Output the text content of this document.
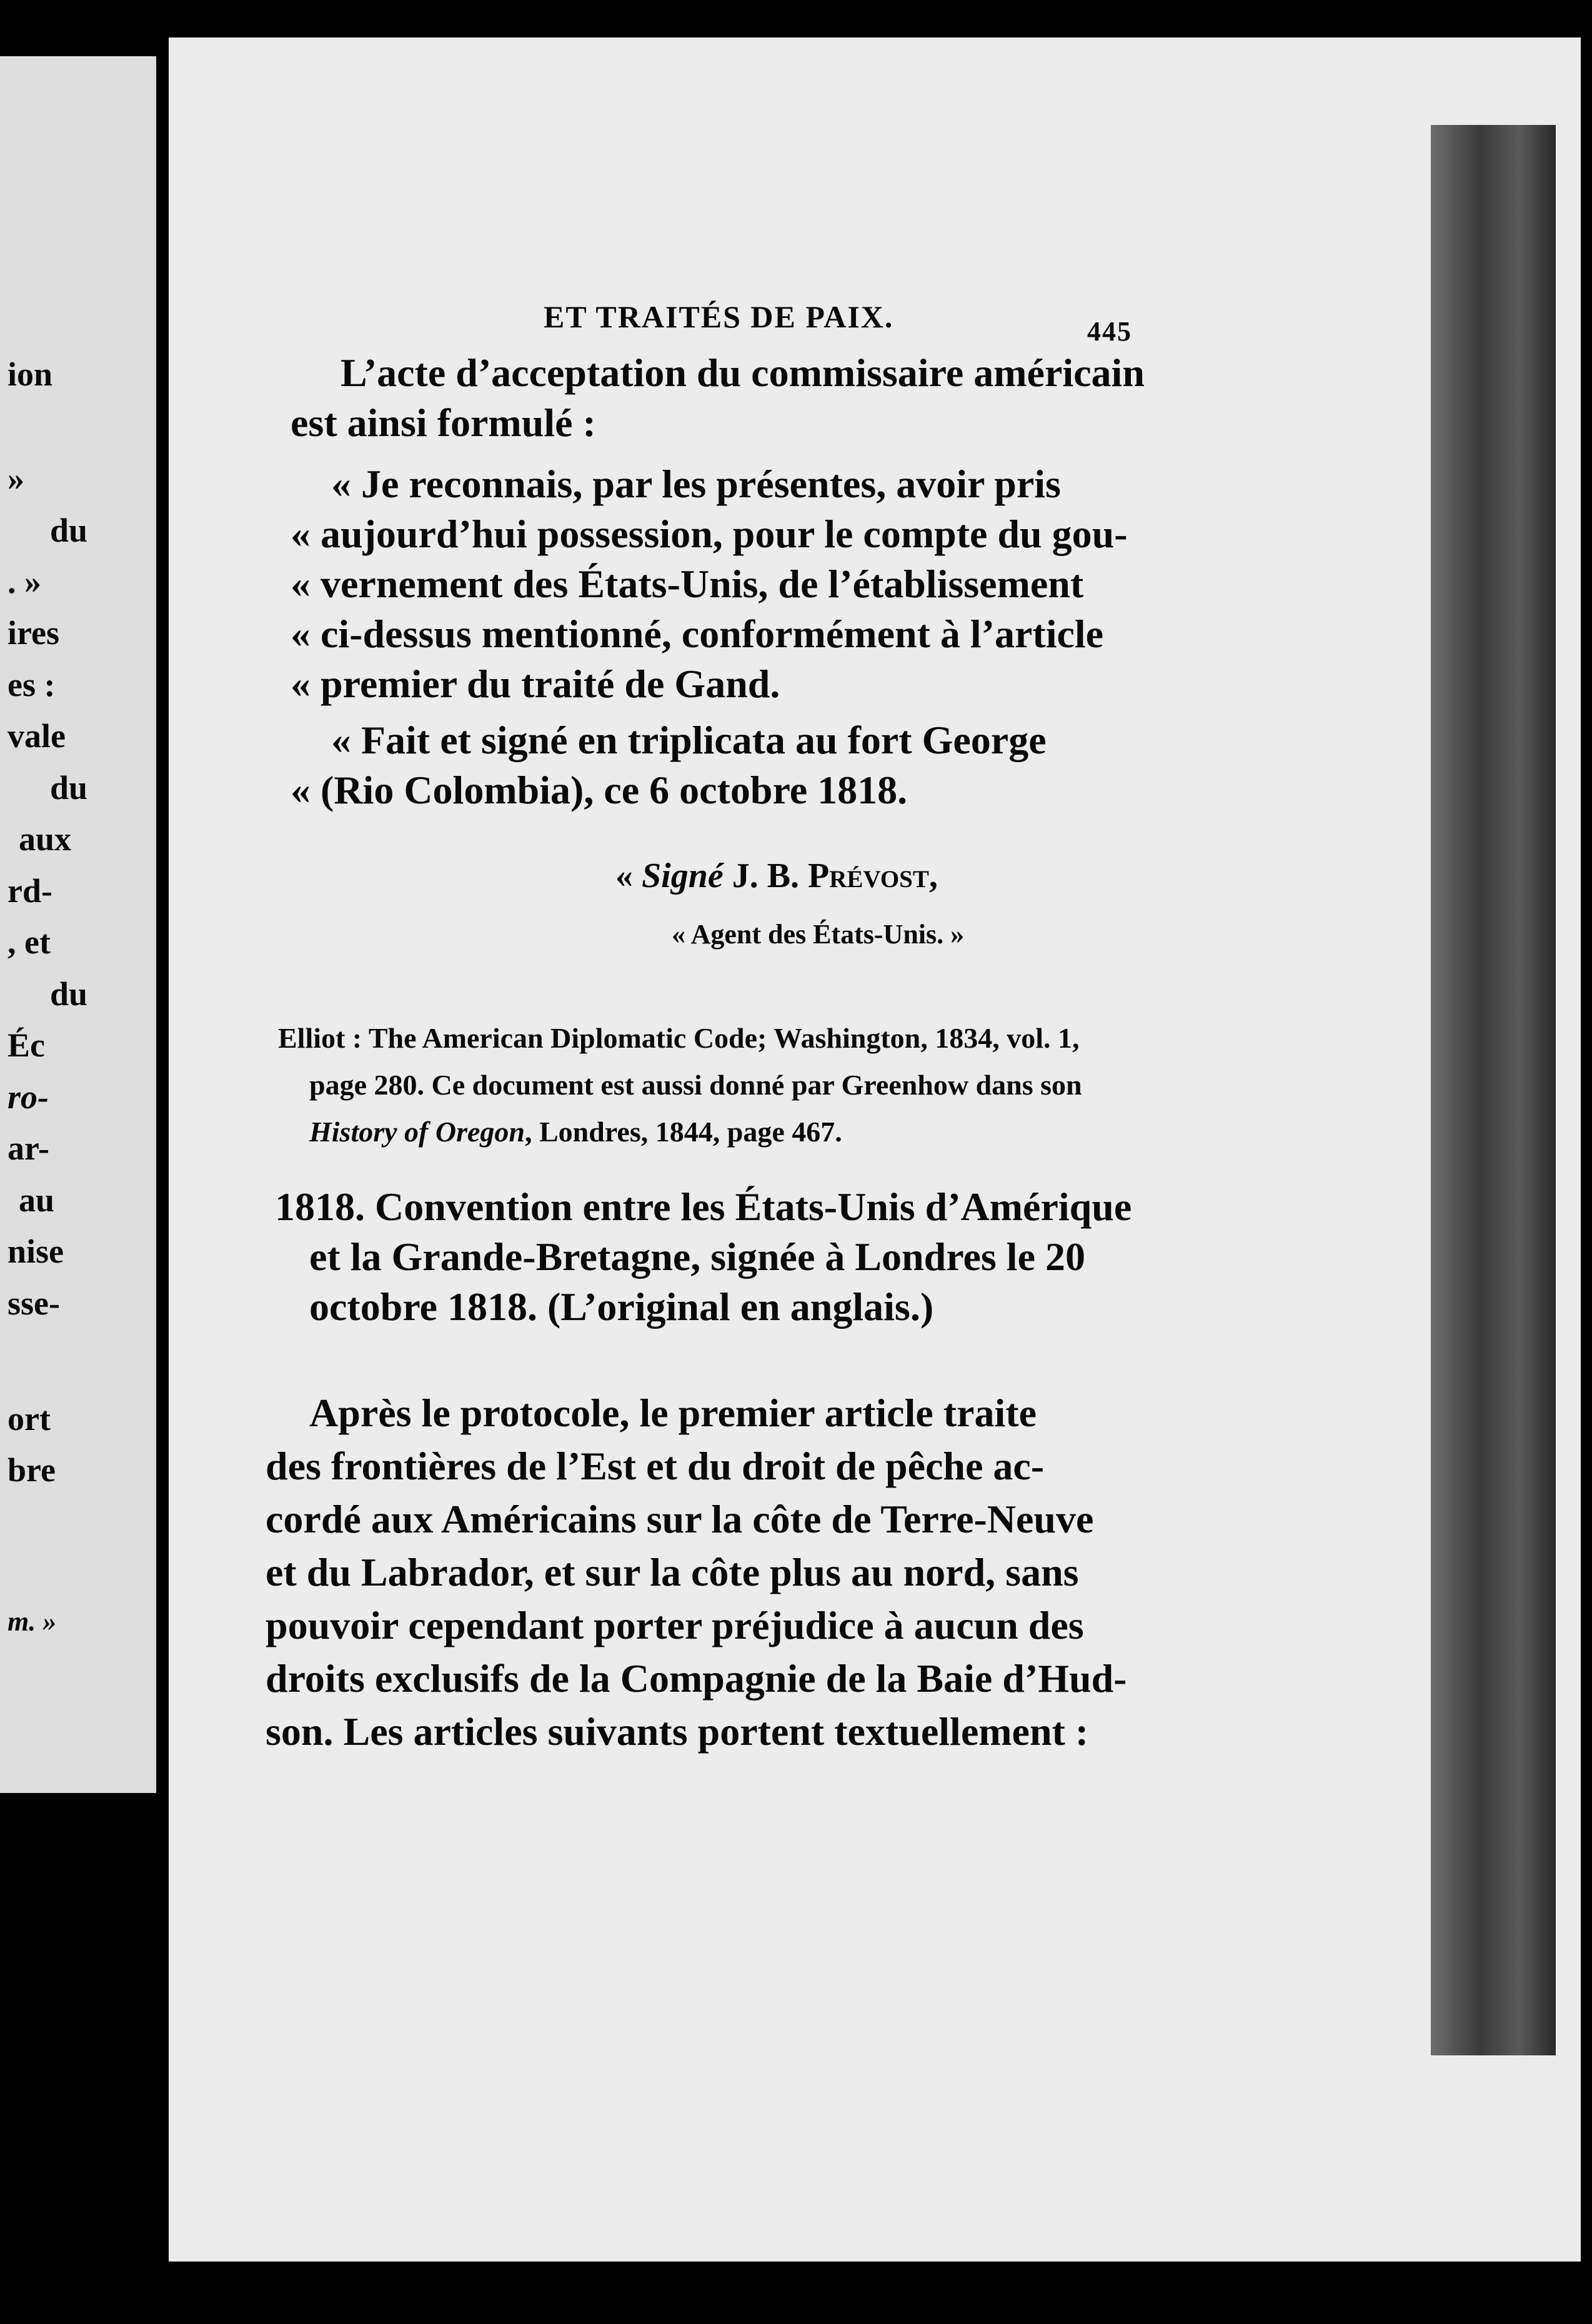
ion
»
du
. »
ires
es :
vale
du
aux
rd-
, et
du
Éc
ro-
ar-
au
nise
sse-
ort
bre
m. »
ET TRAITÉS DE PAIX.	445
L’acte d’acceptation du commissaire américain
est ainsi formulé :
« Je reconnais, par les présentes, avoir pris
« aujourd’hui possession, pour le compte du gou-
« vernement des États-Unis, de l’établissement
« ci-dessus mentionné, conformément à l’article
« premier du traité de Gand.
« Fait et signé en triplicata au fort George
« (Rio Colombia), ce 6 octobre 1818.
« Signé J. B. Prévost,
« Agent des États-Unis. »
Elliot : The American Diplomatic Code; Washington, 1834, vol. 1,
page 280. Ce document est aussi donné par Greenhow dans son
History of Oregon, Londres, 1844, page 467.
1818. Convention entre les États-Unis d’Amérique
et la Grande-Bretagne, signée à Londres le 20
octobre 1818. (L’original en anglais.)
Après le protocole, le premier article traite
des frontières de l’Est et du droit de pêche ac-
cordé aux Américains sur la côte de Terre-Neuve
et du Labrador, et sur la côte plus au nord, sans
pouvoir cependant porter préjudice à aucun des
droits exclusifs de la Compagnie de la Baie d’Hud-
son. Les articles suivants portent textuellement :
